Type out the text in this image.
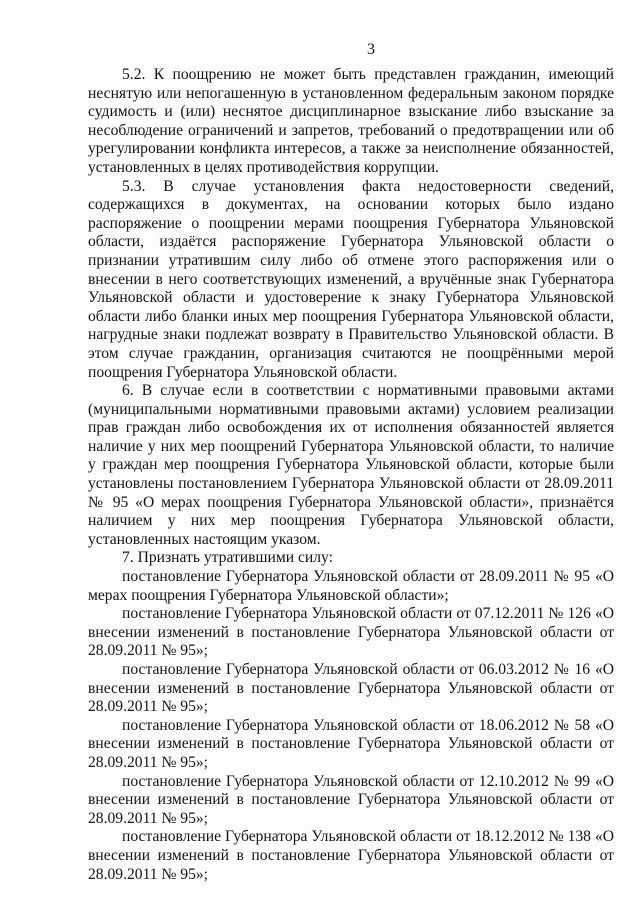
3

5.2. К поощрению не может быть представлен гражданин, имеющий неснятую или непогашенную в установленном федеральным законом порядке судимость и (или) неснятое дисциплинарное взыскание либо взыскание за несоблюдение ограничений и запретов, требований о предотвращении или об урегулировании конфликта интересов, а также за неисполнение обязанностей, установленных в целях противодействия коррупции.

5.3. В случае установления факта недостоверности сведений, содержащихся в документах, на основании которых было издано распоряжение о поощрении мерами поощрения Губернатора Ульяновской области, издаётся распоряжение Губернатора Ульяновской области о признании утратившим силу либо об отмене этого распоряжения или о внесении в него соответствующих изменений, а вручённые знак Губернатора Ульяновской области и удостоверение к знаку Губернатора Ульяновской области либо бланки иных мер поощрения Губернатора Ульяновской области, нагрудные знаки подлежат возврату в Правительство Ульяновской области. В этом случае гражданин, организация считаются не поощрёнными мерой поощрения Губернатора Ульяновской области.

6. В случае если в соответствии с нормативными правовыми актами (муниципальными нормативными правовыми актами) условием реализации прав граждан либо освобождения их от исполнения обязанностей является наличие у них мер поощрений Губернатора Ульяновской области, то наличие у граждан мер поощрения Губернатора Ульяновской области, которые были установлены постановлением Губернатора Ульяновской области от 28.09.2011 № 95 «О мерах поощрения Губернатора Ульяновской области», признаётся наличием у них мер поощрения Губернатора Ульяновской области, установленных настоящим указом.

7. Признать утратившими силу:

постановление Губернатора Ульяновской области от 28.09.2011 № 95 «О мерах поощрения Губернатора Ульяновской области»;

постановление Губернатора Ульяновской области от 07.12.2011 № 126 «О внесении изменений в постановление Губернатора Ульяновской области от 28.09.2011 № 95»;

постановление Губернатора Ульяновской области от 06.03.2012 № 16 «О внесении изменений в постановление Губернатора Ульяновской области от 28.09.2011 № 95»;

постановление Губернатора Ульяновской области от 18.06.2012 № 58 «О внесении изменений в постановление Губернатора Ульяновской области от 28.09.2011 № 95»;

постановление Губернатора Ульяновской области от 12.10.2012 № 99 «О внесении изменений в постановление Губернатора Ульяновской области от 28.09.2011 № 95»;

постановление Губернатора Ульяновской области от 18.12.2012 № 138 «О внесении изменений в постановление Губернатора Ульяновской области от 28.09.2011 № 95»;
